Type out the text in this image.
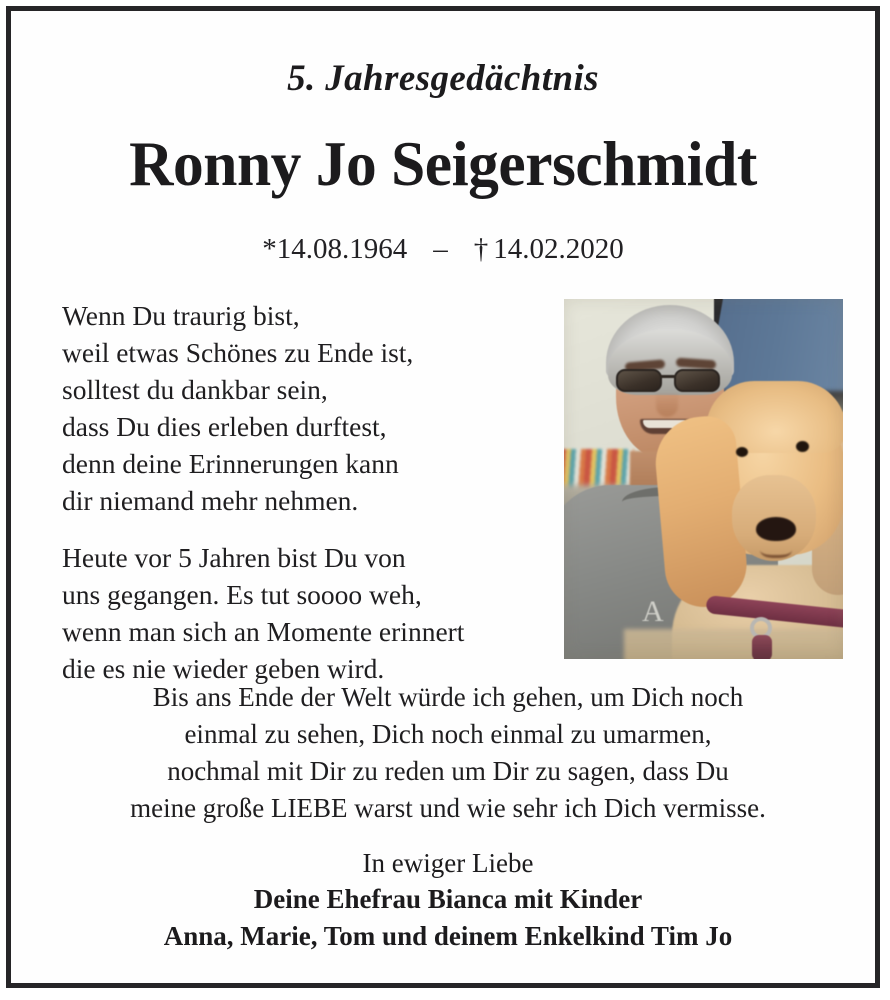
5. Jahresgedächtnis
Ronny Jo Seigerschmidt
*14.08.1964 – † 14.02.2020
Wenn Du traurig bist,
weil etwas Schönes zu Ende ist,
solltest du dankbar sein,
dass Du dies erleben durftest,
denn deine Erinnerungen kann
dir niemand mehr nehmen.
Heute vor 5 Jahren bist Du von
uns gegangen. Es tut soooo weh,
wenn man sich an Momente erinnert
die es nie wieder geben wird.
A
Bis ans Ende der Welt würde ich gehen, um Dich noch
einmal zu sehen, Dich noch einmal zu umarmen,
nochmal mit Dir zu reden um Dir zu sagen, dass Du
meine große LIEBE warst und wie sehr ich Dich vermisse.
In ewiger Liebe
Deine Ehefrau Bianca mit Kinder
Anna, Marie, Tom und deinem Enkelkind Tim Jo
